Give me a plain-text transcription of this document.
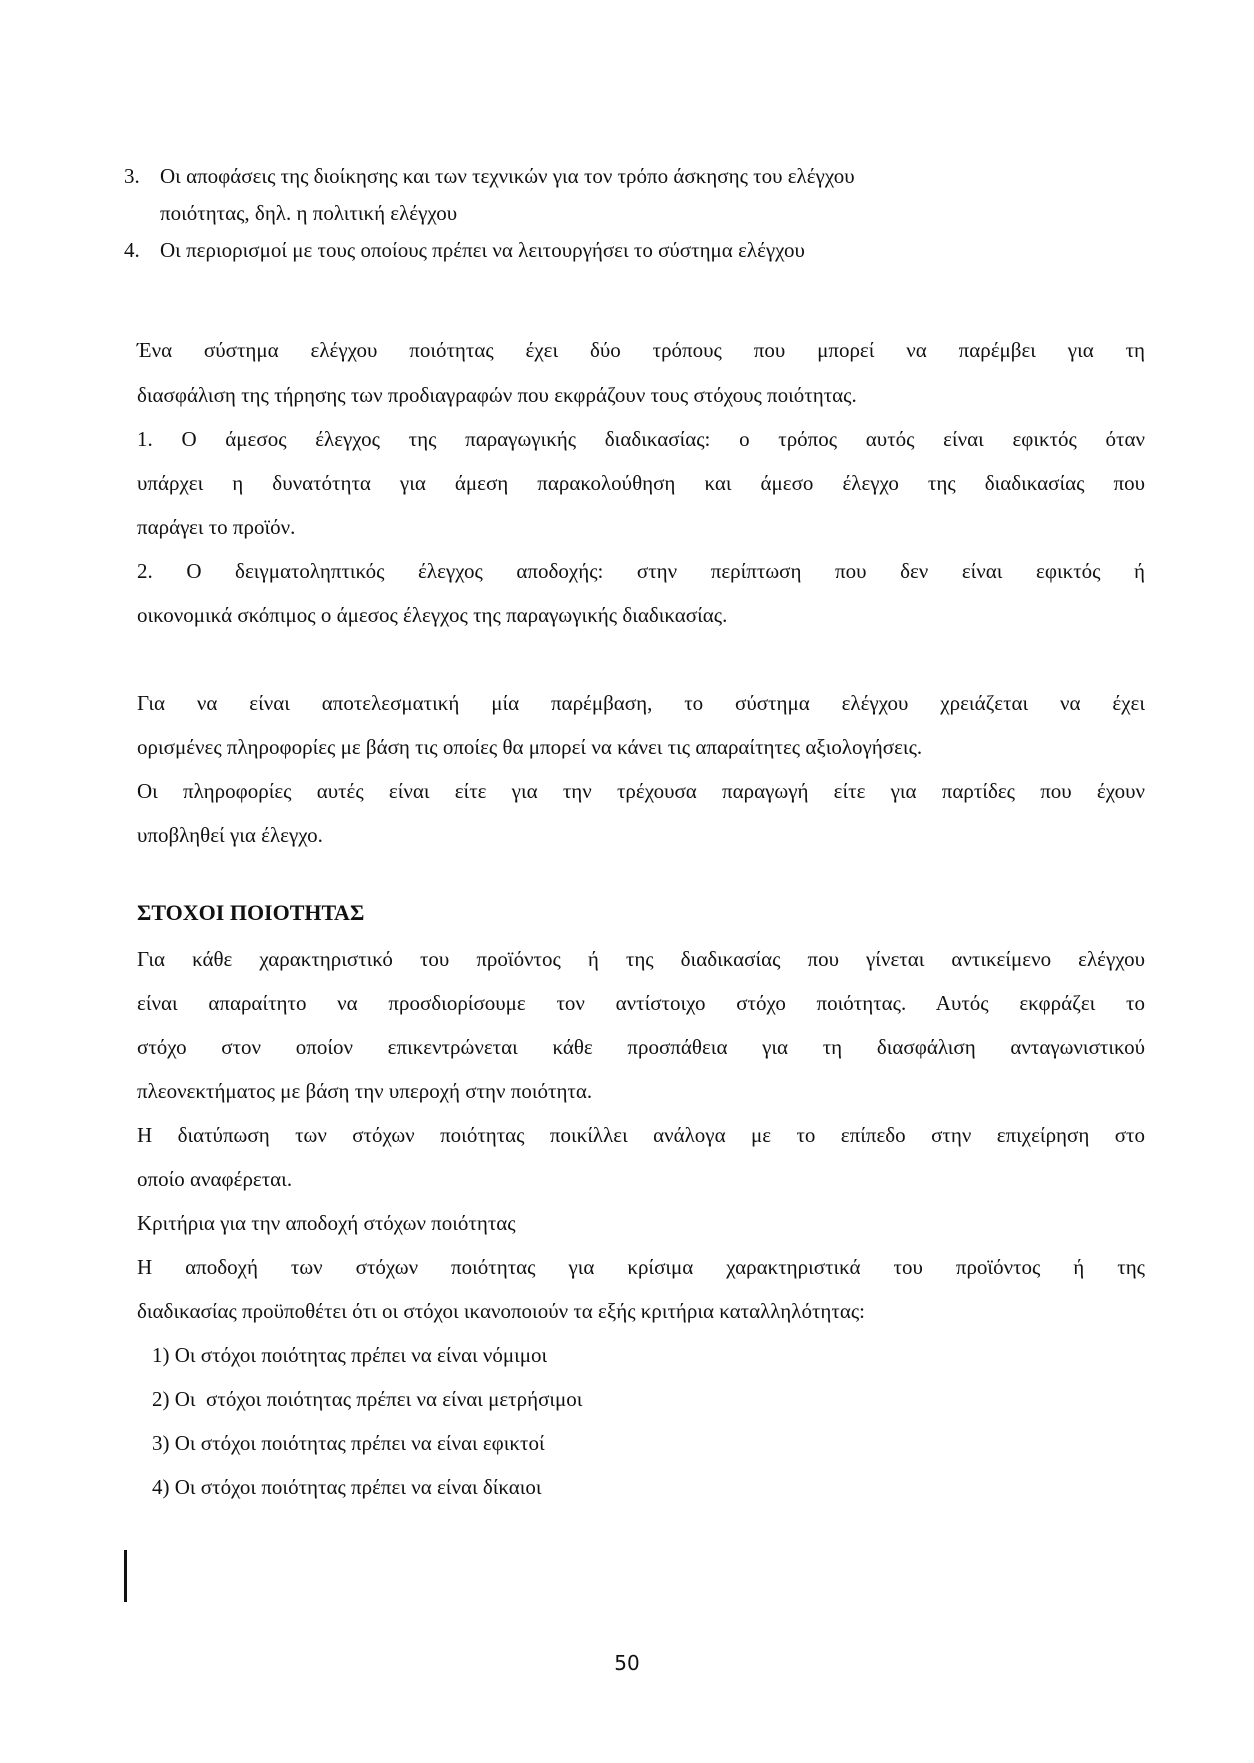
3. Οι αποφάσεις της διοίκησης και των τεχνικών για τον τρόπο άσκησης του ελέγχου
ποιότητας, δηλ. η πολιτική ελέγχου
4. Οι περιορισμοί με τους οποίους πρέπει να λειτουργήσει το σύστημα ελέγχου
Ένα σύστημα ελέγχου ποιότητας έχει δύο τρόπους που μπορεί να παρέμβει για τη
διασφάλιση της τήρησης των προδιαγραφών που εκφράζουν τους στόχους ποιότητας.
1. Ο άμεσος έλεγχος της παραγωγικής διαδικασίας: ο τρόπος αυτός είναι εφικτός όταν
υπάρχει η δυνατότητα για άμεση παρακολούθηση και άμεσο έλεγχο της διαδικασίας που
παράγει το προϊόν.
2. Ο δειγματοληπτικός έλεγχος αποδοχής: στην περίπτωση που δεν είναι εφικτός ή
οικονομικά σκόπιμος ο άμεσος έλεγχος της παραγωγικής διαδικασίας.
Για να είναι αποτελεσματική μία παρέμβαση, το σύστημα ελέγχου χρειάζεται να έχει
ορισμένες πληροφορίες με βάση τις οποίες θα μπορεί να κάνει τις απαραίτητες αξιολογήσεις.
Οι πληροφορίες αυτές είναι είτε για την τρέχουσα παραγωγή είτε για παρτίδες που έχουν
υποβληθεί για έλεγχο.
ΣΤΟΧΟΙ ΠΟΙΟΤΗΤΑΣ
Για κάθε χαρακτηριστικό του προϊόντος ή της διαδικασίας που γίνεται αντικείμενο ελέγχου
είναι απαραίτητο να προσδιορίσουμε τον αντίστοιχο στόχο ποιότητας. Αυτός εκφράζει το
στόχο στον οποίον επικεντρώνεται κάθε προσπάθεια για τη διασφάλιση ανταγωνιστικού
πλεονεκτήματος με βάση την υπεροχή στην ποιότητα.
Η διατύπωση των στόχων ποιότητας ποικίλλει ανάλογα με το επίπεδο στην επιχείρηση στο
οποίο αναφέρεται.
Κριτήρια για την αποδοχή στόχων ποιότητας
Η αποδοχή των στόχων ποιότητας για κρίσιμα χαρακτηριστικά του προϊόντος ή της
διαδικασίας προϋποθέτει ότι οι στόχοι ικανοποιούν τα εξής κριτήρια καταλληλότητας:
1) Οι στόχοι ποιότητας πρέπει να είναι νόμιμοι
2) Οι  στόχοι ποιότητας πρέπει να είναι μετρήσιμοι
3) Οι στόχοι ποιότητας πρέπει να είναι εφικτοί
4) Οι στόχοι ποιότητας πρέπει να είναι δίκαιοι
50
